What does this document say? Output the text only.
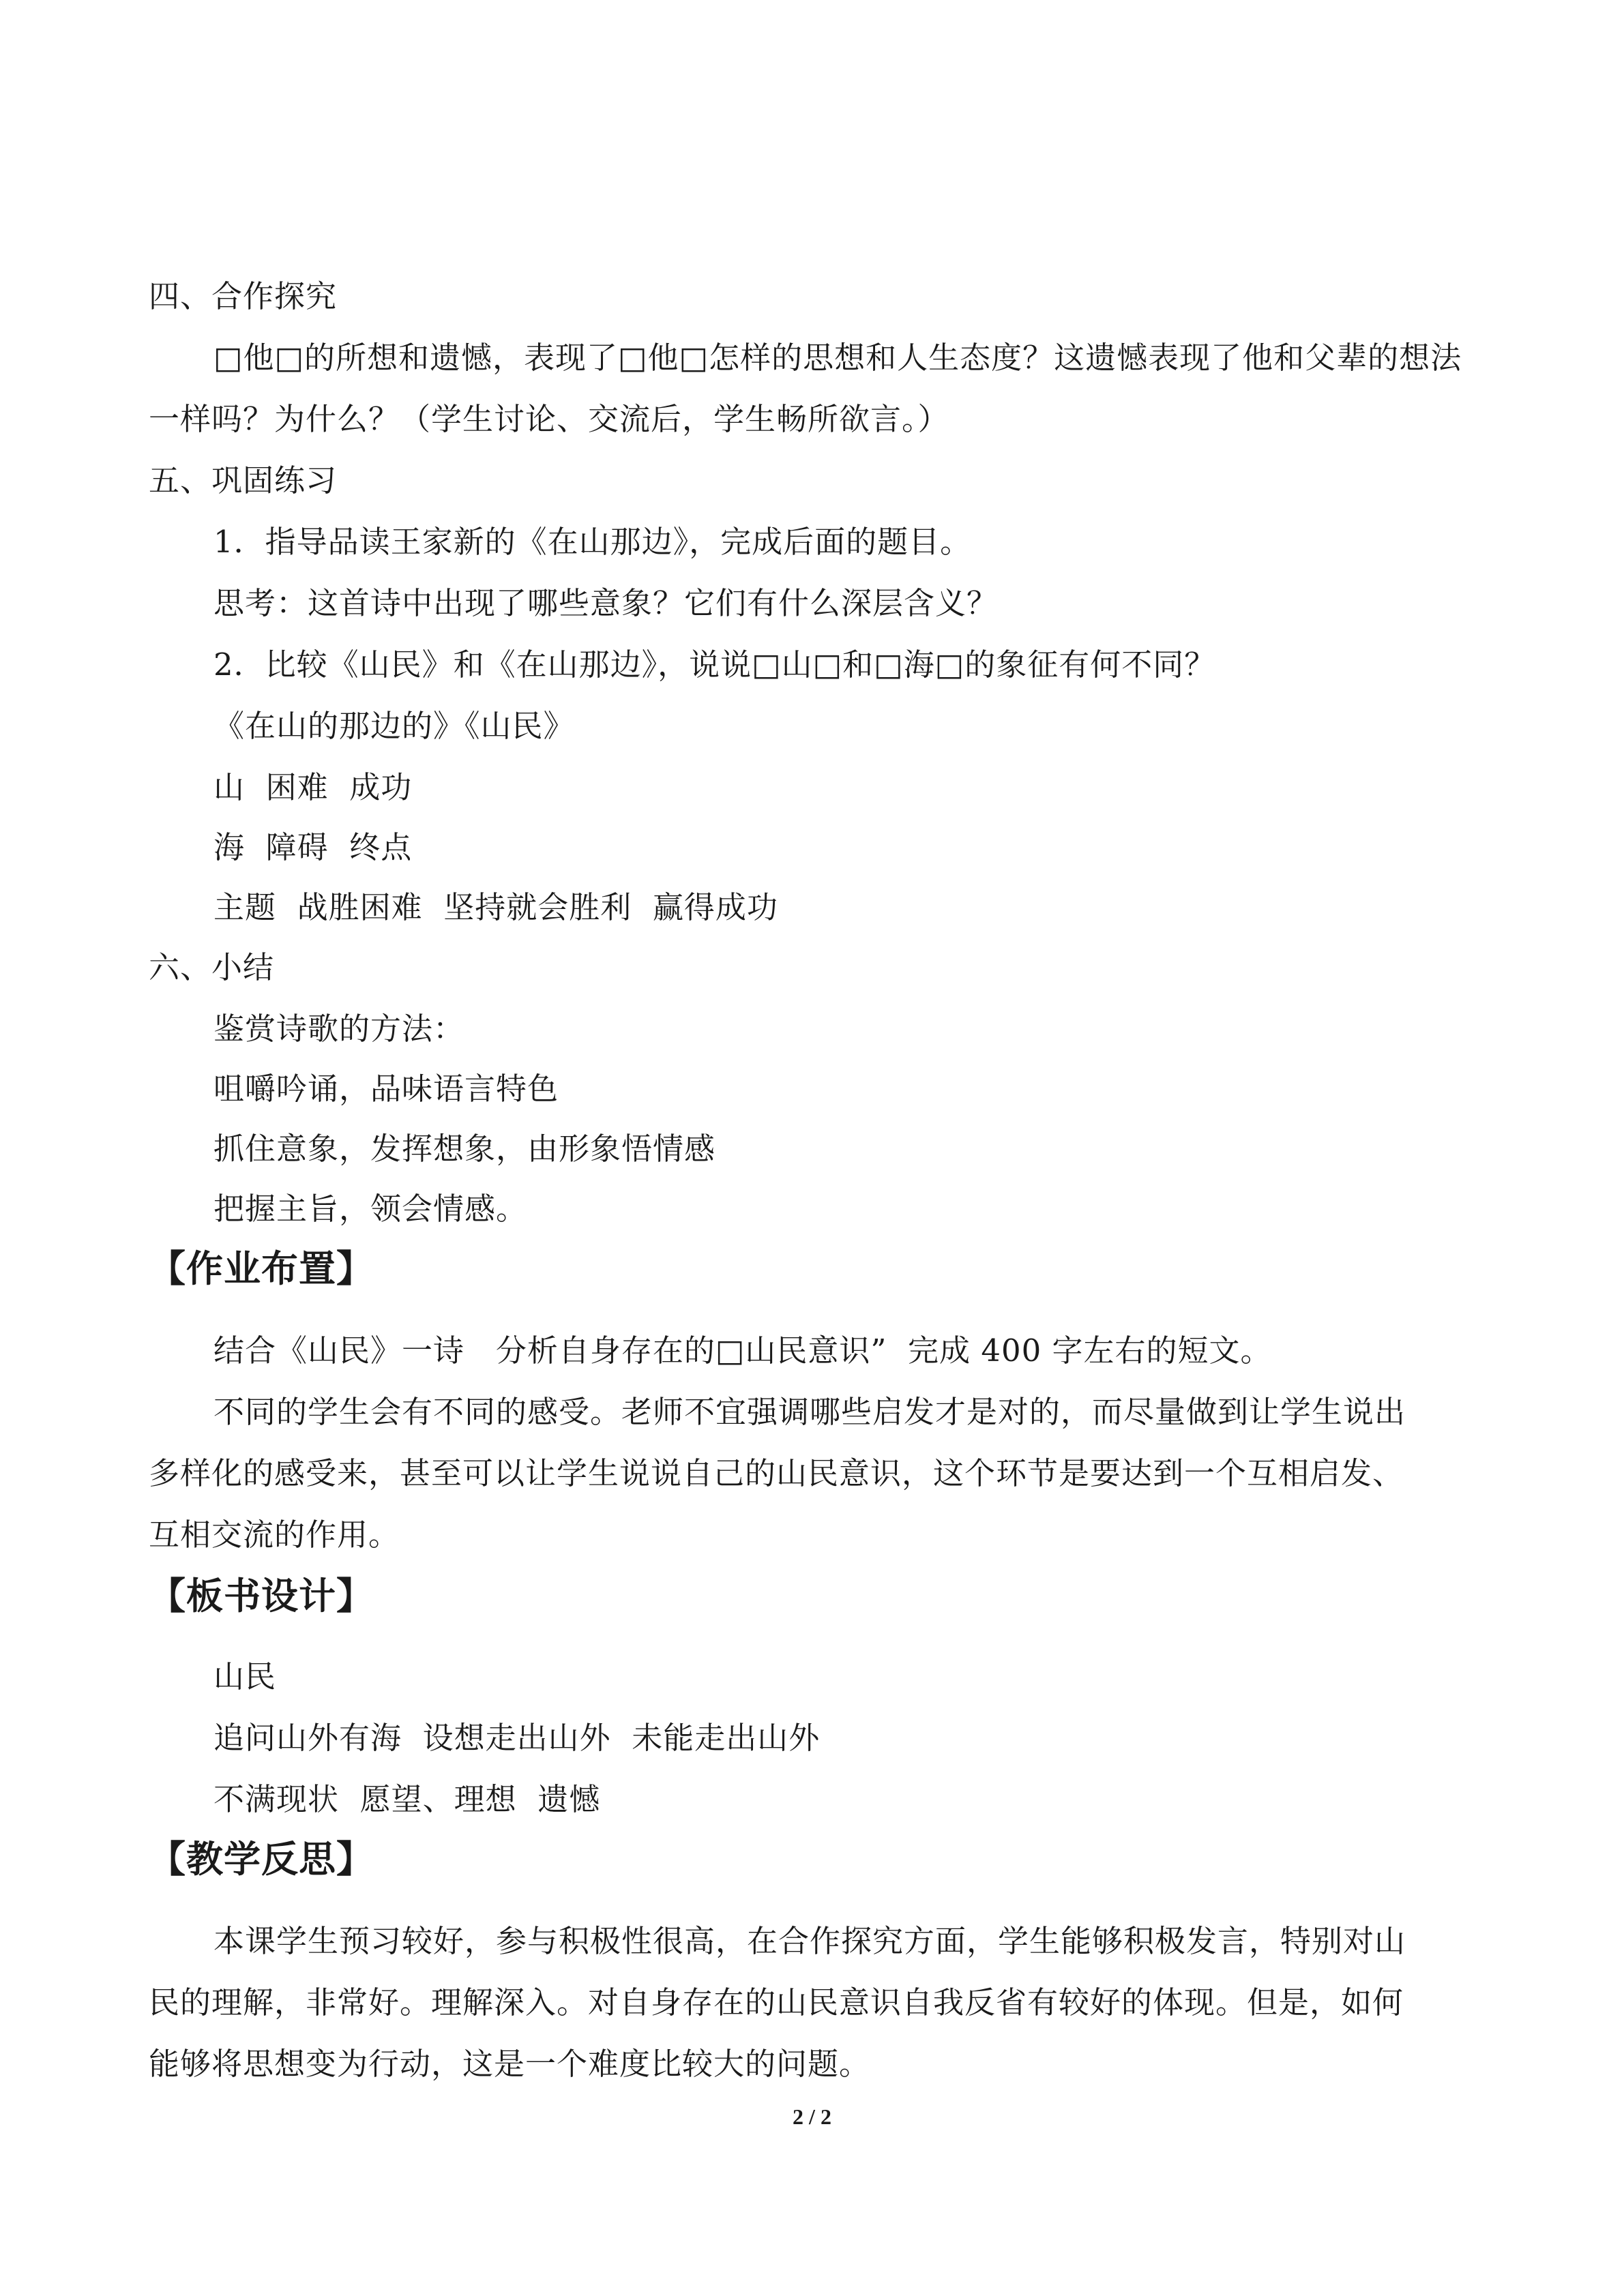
四、合作探究
□他□的所想和遗憾，表现了□他□怎样的思想和人生态度？这遗憾表现了他和父辈的想法
一样吗？为什么？（学生讨论、交流后，学生畅所欲言。）
五、巩固练习
1．指导品读王家新的《在山那边》，完成后面的题目。
思考：这首诗中出现了哪些意象？它们有什么深层含义？
2．比较《山民》和《在山那边》，说说□山□和□海□的象征有何不同？
《在山的那边的》《山民》
山  困难  成功
海  障碍  终点
主题  战胜困难  坚持就会胜利  赢得成功
六、小结
鉴赏诗歌的方法：
咀嚼吟诵，品味语言特色
抓住意象，发挥想象，由形象悟情感
把握主旨，领会情感。
【作业布置】
结合《山民》一诗   分析自身存在的□山民意识”  完成 400 字左右的短文。
不同的学生会有不同的感受。老师不宜强调哪些启发才是对的，而尽量做到让学生说出
多样化的感受来，甚至可以让学生说说自己的山民意识，这个环节是要达到一个互相启发、
互相交流的作用。
【板书设计】
山民
追问山外有海  设想走出山外  未能走出山外
不满现状  愿望、理想  遗憾
【教学反思】
本课学生预习较好，参与积极性很高，在合作探究方面，学生能够积极发言，特别对山
民的理解，非常好。理解深入。对自身存在的山民意识自我反省有较好的体现。但是，如何
能够将思想变为行动，这是一个难度比较大的问题。
2 / 2
